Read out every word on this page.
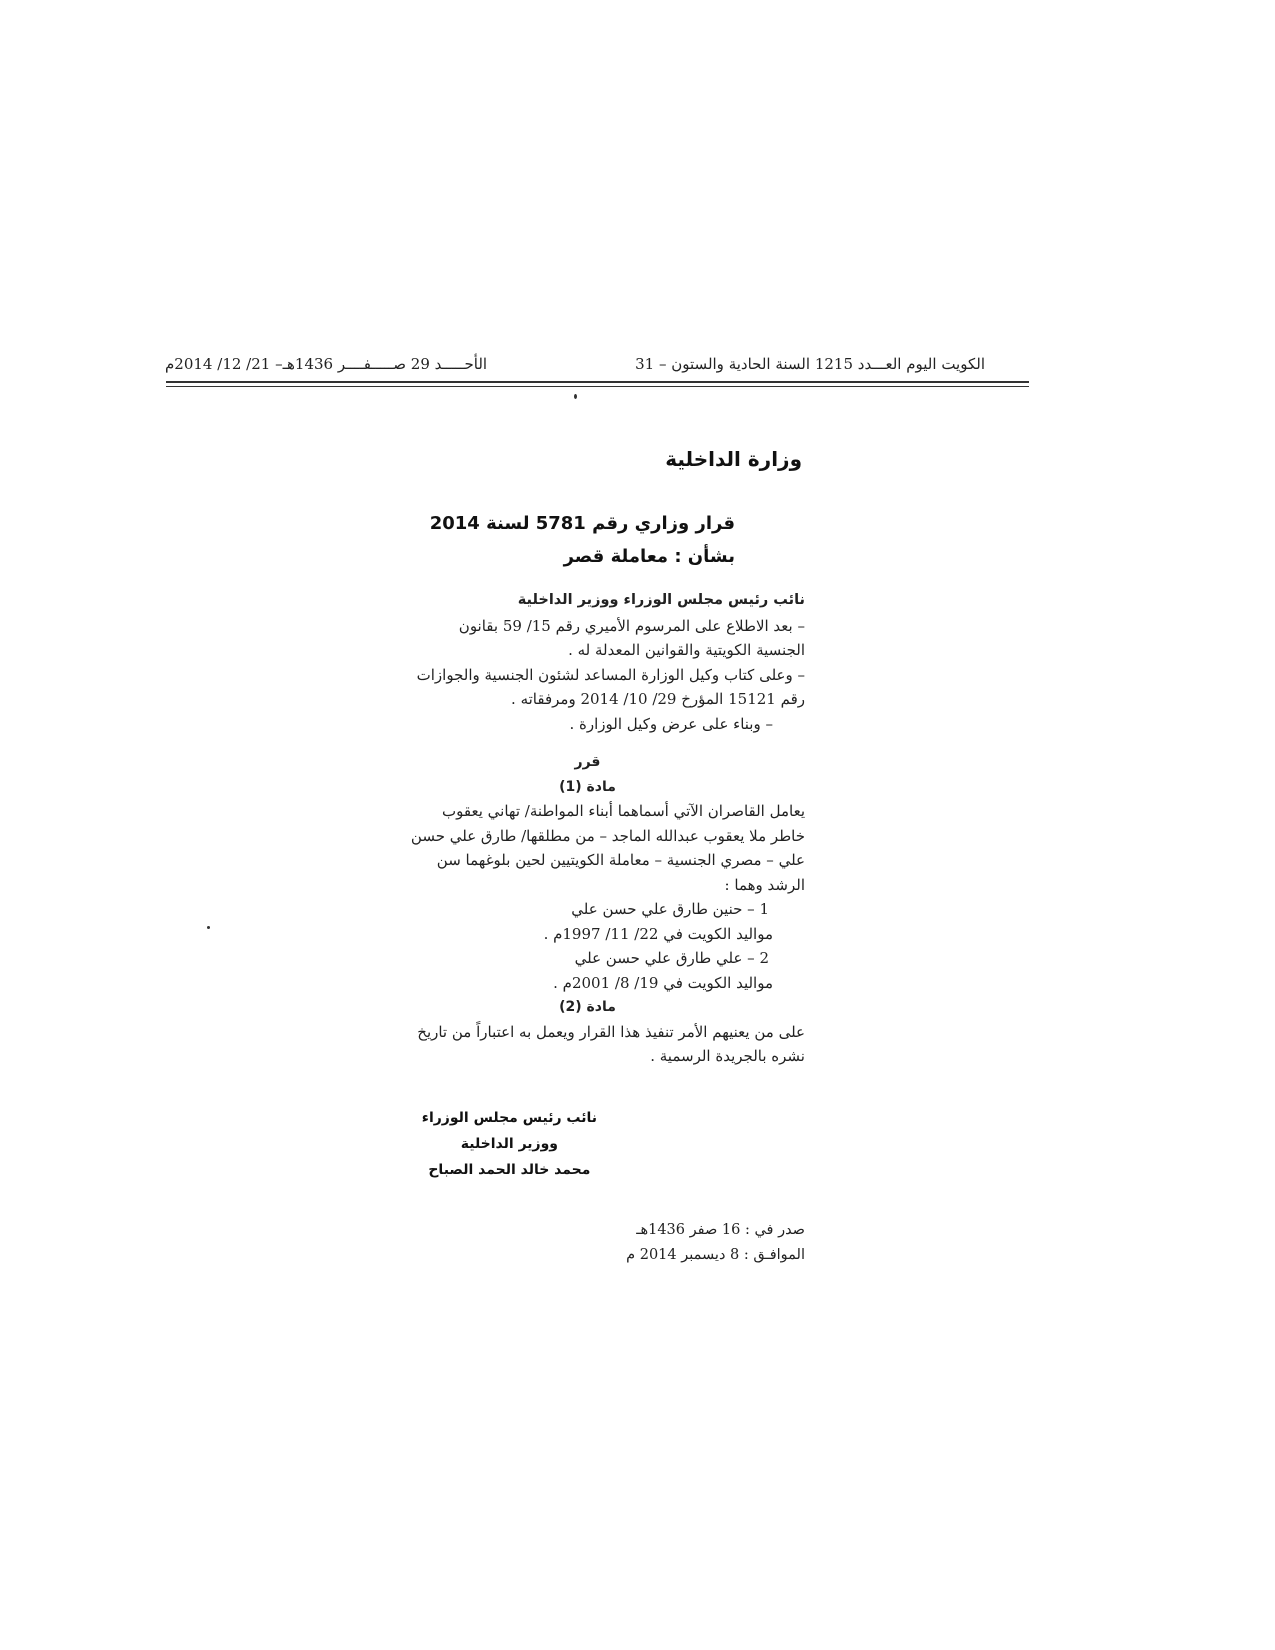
الكويت اليوم العـــدد 1215 السنة الحادية والستون – 31
الأحـــــد 29 صـــــفــــر 1436هـ– 21/ 12/ 2014م
وزارة الداخلية
قرار وزاري رقم 5781 لسنة 2014
بشأن : معاملة قصر
نائب رئيس مجلس الوزراء ووزير الداخلية

– بعد الاطلاع على المرسوم الأميري رقم 15/ 59 بقانون الجنسية الكويتية والقوانين المعدلة له .

– وعلى كتاب وكيل الوزارة المساعد لشئون الجنسية والجوازات رقم 15121 المؤرخ 29/ 10/ 2014 ومرفقاته .

– وبناء على عرض وكيل الوزارة .

قرر
مادة (1)

يعامل القاصران الآتي أسماهما أبناء المواطنة/ تهاني يعقوب خاطر ملا يعقوب عبدالله الماجد – من مطلقها/ طارق علي حسن علي – مصري الجنسية – معاملة الكويتيين لحين بلوغهما سن الرشد وهما :

1 – حنين طارق علي حسن علي
مواليد الكويت في 22/ 11/ 1997م .
2 – علي طارق علي حسن علي
مواليد الكويت في 19/ 8/ 2001م .
مادة (2)

على من يعنيهم الأمر تنفيذ هذا القرار ويعمل به اعتباراً من تاريخ نشره بالجريدة الرسمية .

نائب رئيس مجلس الوزراء
ووزير الداخلية
محمد خالد الحمد الصباح
صدر في : 16 صفر 1436هـ
الموافـق : 8 ديسمبر 2014 م
